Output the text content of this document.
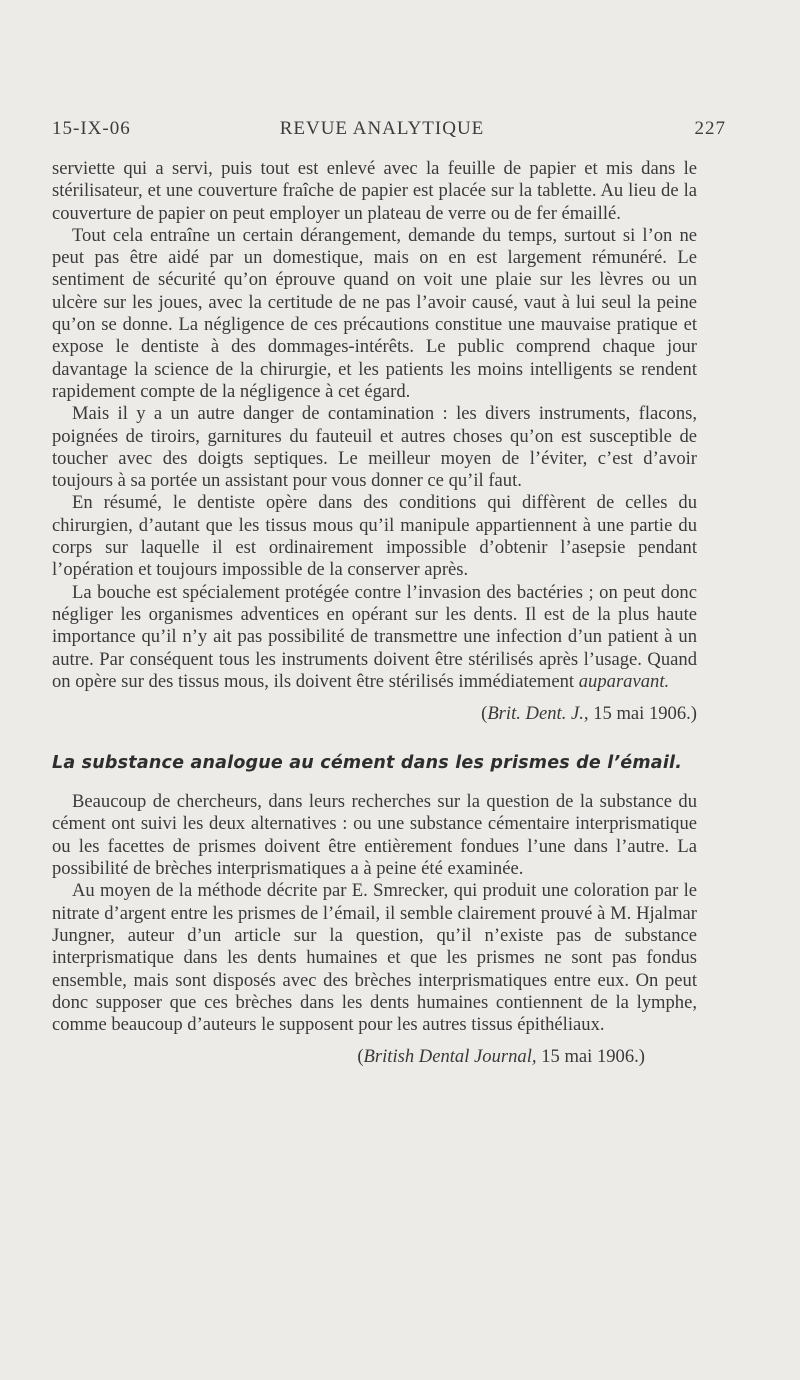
15-IX-06	REVUE ANALYTIQUE	227

serviette qui a servi, puis tout est enlevé avec la feuille de papier et mis dans le stérilisateur, et une couverture fraîche de papier est placée sur la tablette. Au lieu de la couverture de papier on peut employer un plateau de verre ou de fer émaillé.

Tout cela entraîne un certain dérangement, demande du temps, surtout si l’on ne peut pas être aidé par un domestique, mais on en est largement rémunéré. Le sentiment de sécurité qu’on éprouve quand on voit une plaie sur les lèvres ou un ulcère sur les joues, avec la certitude de ne pas l’avoir causé, vaut à lui seul la peine qu’on se donne. La négligence de ces précautions constitue une mauvaise pratique et expose le dentiste à des dommages-intérêts. Le public comprend chaque jour davantage la science de la chirurgie, et les patients les moins intelligents se rendent rapidement compte de la négligence à cet égard.

Mais il y a un autre danger de contamination : les divers instruments, flacons, poignées de tiroirs, garnitures du fauteuil et autres choses qu’on est susceptible de toucher avec des doigts septiques. Le meilleur moyen de l’éviter, c’est d’avoir toujours à sa portée un assistant pour vous donner ce qu’il faut.

En résumé, le dentiste opère dans des conditions qui diffèrent de celles du chirurgien, d’autant que les tissus mous qu’il manipule appartiennent à une partie du corps sur laquelle il est ordinairement impossible d’obtenir l’asepsie pendant l’opération et toujours impossible de la conserver après.

La bouche est spécialement protégée contre l’invasion des bactéries ; on peut donc négliger les organismes adventices en opérant sur les dents. Il est de la plus haute importance qu’il n’y ait pas possibilité de transmettre une infection d’un patient à un autre. Par conséquent tous les instruments doivent être stérilisés après l’usage. Quand on opère sur des tissus mous, ils doivent être stérilisés immédiatement auparavant.

(Brit. Dent. J., 15 mai 1906.)

La substance analogue au cément dans les prismes de l’émail.

Beaucoup de chercheurs, dans leurs recherches sur la question de la substance du cément ont suivi les deux alternatives : ou une substance cémentaire interprismatique ou les facettes de prismes doivent être entièrement fondues l’une dans l’autre. La possibilité de brèches interprismatiques a à peine été examinée.

Au moyen de la méthode décrite par E. Smrecker, qui produit une coloration par le nitrate d’argent entre les prismes de l’émail, il semble clairement prouvé à M. Hjalmar Jungner, auteur d’un article sur la question, qu’il n’existe pas de substance interprismatique dans les dents humaines et que les prismes ne sont pas fondus ensemble, mais sont disposés avec des brèches interprismatiques entre eux. On peut donc supposer que ces brèches dans les dents humaines contiennent de la lymphe, comme beaucoup d’auteurs le supposent pour les autres tissus épithéliaux.

(British Dental Journal, 15 mai 1906.)
